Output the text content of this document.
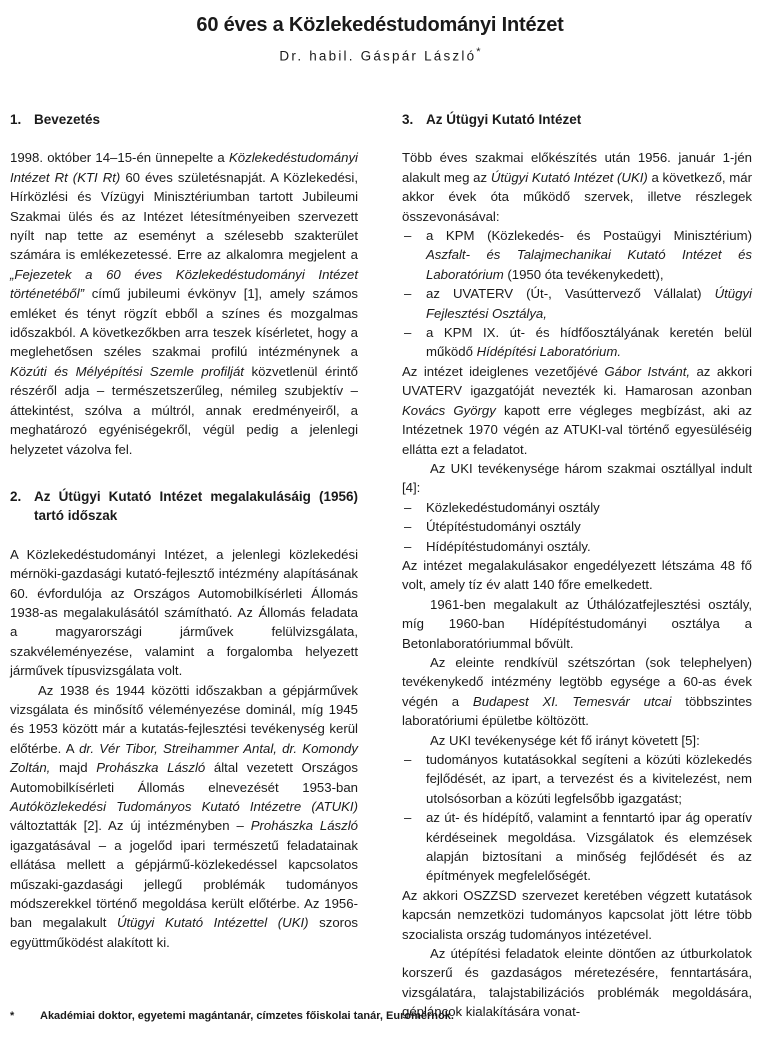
60 éves a Közlekedéstudományi Intézet
Dr. habil. Gáspár László*
1. Bevezetés

1998. október 14–15-én ünnepelte a Közlekedéstudományi Intézet Rt (KTI Rt) 60 éves születésnapját. A Közlekedési, Hírközlési és Vízügyi Minisztériumban tartott Jubileumi Szakmai ülés és az Intézet létesítményeiben szervezett nyílt nap tette az eseményt a szélesebb szakterület számára is emlékezetessé. Erre az alkalomra megjelent a „Fejezetek a 60 éves Közlekedéstudományi Intézet történetéből” című jubileumi évkönyv [1], amely számos emléket és tényt rögzít ebből a színes és mozgalmas időszakból. A következőkben arra teszek kísérletet, hogy a meglehetősen széles szakmai profilú intézménynek a Közúti és Mélyépítési Szemle profilját közvetlenül érintő részéről adja – természetszerűleg, némileg szubjektív – áttekintést, szólva a múltról, annak eredményeiről, a meghatározó egyéniségekről, végül pedig a jelenlegi helyzetet vázolva fel.

2. Az Útügyi Kutató Intézet megalakulásáig (1956) tartó időszak

A Közlekedéstudományi Intézet, a jelenlegi közlekedési mérnöki-gazdasági kutató-fejlesztő intézmény alapításának 60. évfordulója az Országos Automobilkísérleti Állomás 1938-as megalakulásától számítható. Az Állomás feladata a magyarországi járművek felülvizsgálata, szakvéleményezése, valamint a forgalomba helyezett járművek típusvizsgálata volt.

Az 1938 és 1944 közötti időszakban a gépjárművek vizsgálata és minősítő véleményezése dominál, míg 1945 és 1953 között már a kutatás-fejlesztési tevékenység kerül előtérbe. A dr. Vér Tibor, Streihammer Antal, dr. Komondy Zoltán, majd Prohászka László által vezetett Országos Automobilkísérleti Állomás elnevezését 1953-ban Autóközlekedési Tudományos Kutató Intézetre (ATUKI) változtatták [2]. Az új intézményben – Prohászka László igazgatásával – a jogelőd ipari természetű feladatainak ellátása mellett a gépjármű-közlekedéssel kapcsolatos műszaki-gazdasági jellegű problémák tudományos módszerekkel történő megoldása került előtérbe. Az 1956-ban megalakult Útügyi Kutató Intézettel (UKI) szoros együttműködést alakított ki.

3. Az Útügyi Kutató Intézet

Több éves szakmai előkészítés után 1956. január 1-jén alakult meg az Útügyi Kutató Intézet (UKI) a következő, már akkor évek óta működő szervek, illetve részlegek összevonásával:

– a KPM (Közlekedés- és Postaügyi Minisztérium) Aszfalt- és Talajmechanikai Kutató Intézet és Laboratórium (1950 óta tevékenykedett),
– az UVATERV (Út-, Vasúttervező Vállalat) Útügyi Fejlesztési Osztálya,
– a KPM IX. út- és hídfőosztályának keretén belül működő Hídépítési Laboratórium.

Az intézet ideiglenes vezetőjévé Gábor Istvánt, az akkori UVATERV igazgatóját nevezték ki. Hamarosan azonban Kovács György kapott erre végleges megbízást, aki az Intézetnek 1970 végén az ATUKI-val történő egyesüléséig ellátta ezt a feladatot.

Az UKI tevékenysége három szakmai osztállyal indult [4]:

– Közlekedéstudományi osztály
– Útépítéstudományi osztály
– Hídépítéstudományi osztály.

Az intézet megalakulásakor engedélyezett létszáma 48 fő volt, amely tíz év alatt 140 főre emelkedett.

1961-ben megalakult az Úthálózatfejlesztési osztály, míg 1960-ban Hídépítéstudományi osztálya a Betonlaboratóriummal bővült.

Az eleinte rendkívül szétszórtan (sok telephelyen) tevékenykedő intézmény legtöbb egysége a 60-as évek végén a Budapest XI. Temesvár utcai többszintes laboratóriumi épületbe költözött.

Az UKI tevékenysége két fő irányt követett [5]:

– tudományos kutatásokkal segíteni a közúti közlekedés fejlődését, az ipart, a tervezést és a kivitelezést, nem utolsósorban a közúti legfelsőbb igazgatást;
– az út- és hídépítő, valamint a fenntartó ipar ág operatív kérdéseinek megoldása. Vizsgálatok és elemzések alapján biztosítani a minőség fejlődését és az építmények megfelelőségét.

Az akkori OSZZSD szervezet keretében végzett kutatások kapcsán nemzetközi tudományos kapcsolat jött létre több szocialista ország tudományos intézetével.

Az útépítési feladatok eleinte döntően az útburkolatok korszerű és gazdaságos méretezésére, fenntartására, vizsgálatára, talajstabilizációs problémák megoldására, gépláncok kialakítására vonat-

*	Akadémiai doktor, egyetemi magántanár, címzetes főiskolai tanár, Euromérnök.
